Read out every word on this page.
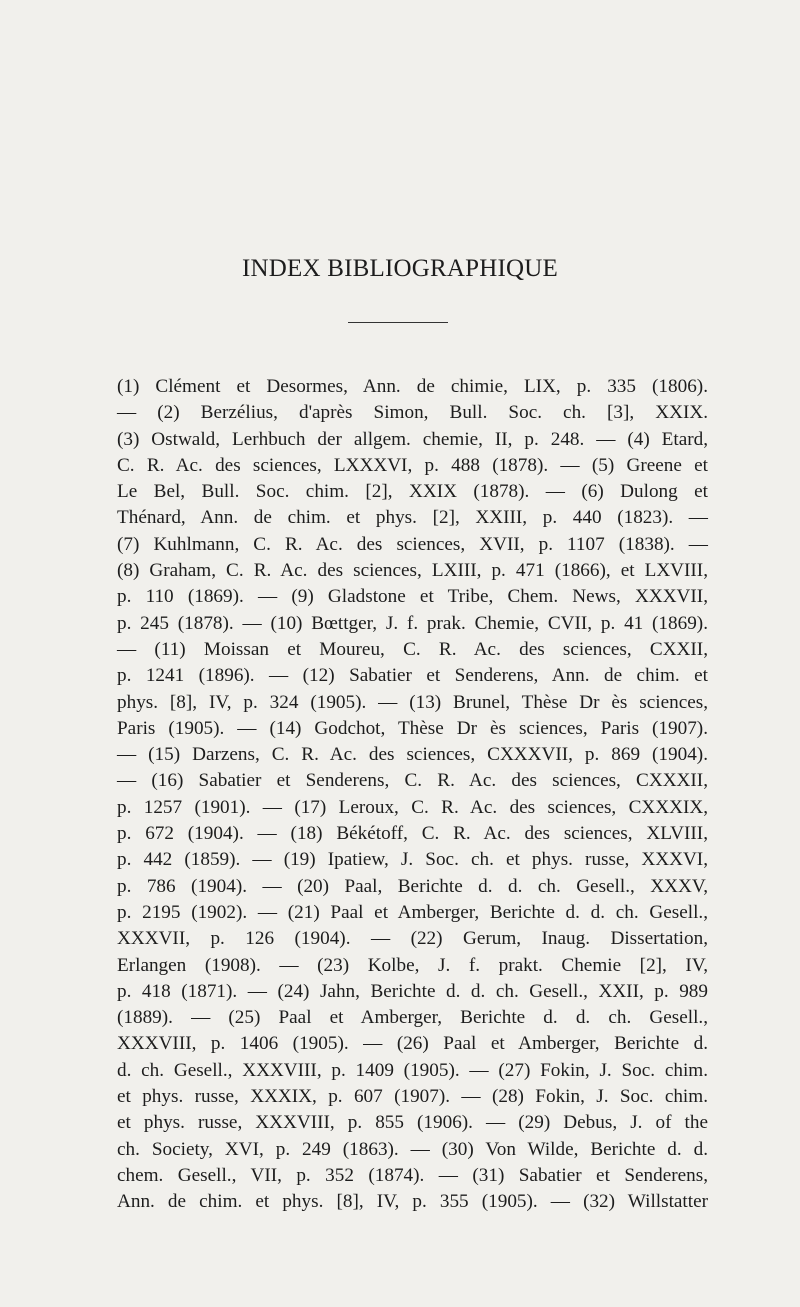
INDEX BIBLIOGRAPHIQUE
(1) Clément et Desormes, Ann. de chimie, LIX, p. 335 (1806).
— (2) Berzélius, d'après Simon, Bull. Soc. ch. [3], XXIX.
(3) Ostwald, Lerhbuch der allgem. chemie, II, p. 248. — (4) Etard,
C. R. Ac. des sciences, LXXXVI, p. 488 (1878). — (5) Greene et
Le Bel, Bull. Soc. chim. [2], XXIX (1878). — (6) Dulong et
Thénard, Ann. de chim. et phys. [2], XXIII, p. 440 (1823). —
(7) Kuhlmann, C. R. Ac. des sciences, XVII, p. 1107 (1838). —
(8) Graham, C. R. Ac. des sciences, LXIII, p. 471 (1866), et LXVIII,
p. 110 (1869). — (9) Gladstone et Tribe, Chem. News, XXXVII,
p. 245 (1878). — (10) Bœttger, J. f. prak. Chemie, CVII, p. 41 (1869).
— (11) Moissan et Moureu, C. R. Ac. des sciences, CXXII,
p. 1241 (1896). — (12) Sabatier et Senderens, Ann. de chim. et
phys. [8], IV, p. 324 (1905). — (13) Brunel, Thèse Dr ès sciences,
Paris (1905). — (14) Godchot, Thèse Dr ès sciences, Paris (1907).
— (15) Darzens, C. R. Ac. des sciences, CXXXVII, p. 869 (1904).
— (16) Sabatier et Senderens, C. R. Ac. des sciences, CXXXII,
p. 1257 (1901). — (17) Leroux, C. R. Ac. des sciences, CXXXIX,
p. 672 (1904). — (18) Békétoff, C. R. Ac. des sciences, XLVIII,
p. 442 (1859). — (19) Ipatiew, J. Soc. ch. et phys. russe, XXXVI,
p. 786 (1904). — (20) Paal, Berichte d. d. ch. Gesell., XXXV,
p. 2195 (1902). — (21) Paal et Amberger, Berichte d. d. ch. Gesell.,
XXXVII, p. 126 (1904). — (22) Gerum, Inaug. Dissertation,
Erlangen (1908). — (23) Kolbe, J. f. prakt. Chemie [2], IV,
p. 418 (1871). — (24) Jahn, Berichte d. d. ch. Gesell., XXII, p. 989
(1889). — (25) Paal et Amberger, Berichte d. d. ch. Gesell.,
XXXVIII, p. 1406 (1905). — (26) Paal et Amberger, Berichte d.
d. ch. Gesell., XXXVIII, p. 1409 (1905). — (27) Fokin, J. Soc. chim.
et phys. russe, XXXIX, p. 607 (1907). — (28) Fokin, J. Soc. chim.
et phys. russe, XXXVIII, p. 855 (1906). — (29) Debus, J. of the
ch. Society, XVI, p. 249 (1863). — (30) Von Wilde, Berichte d. d.
chem. Gesell., VII, p. 352 (1874). — (31) Sabatier et Senderens,
Ann. de chim. et phys. [8], IV, p. 355 (1905). — (32) Willstatter
